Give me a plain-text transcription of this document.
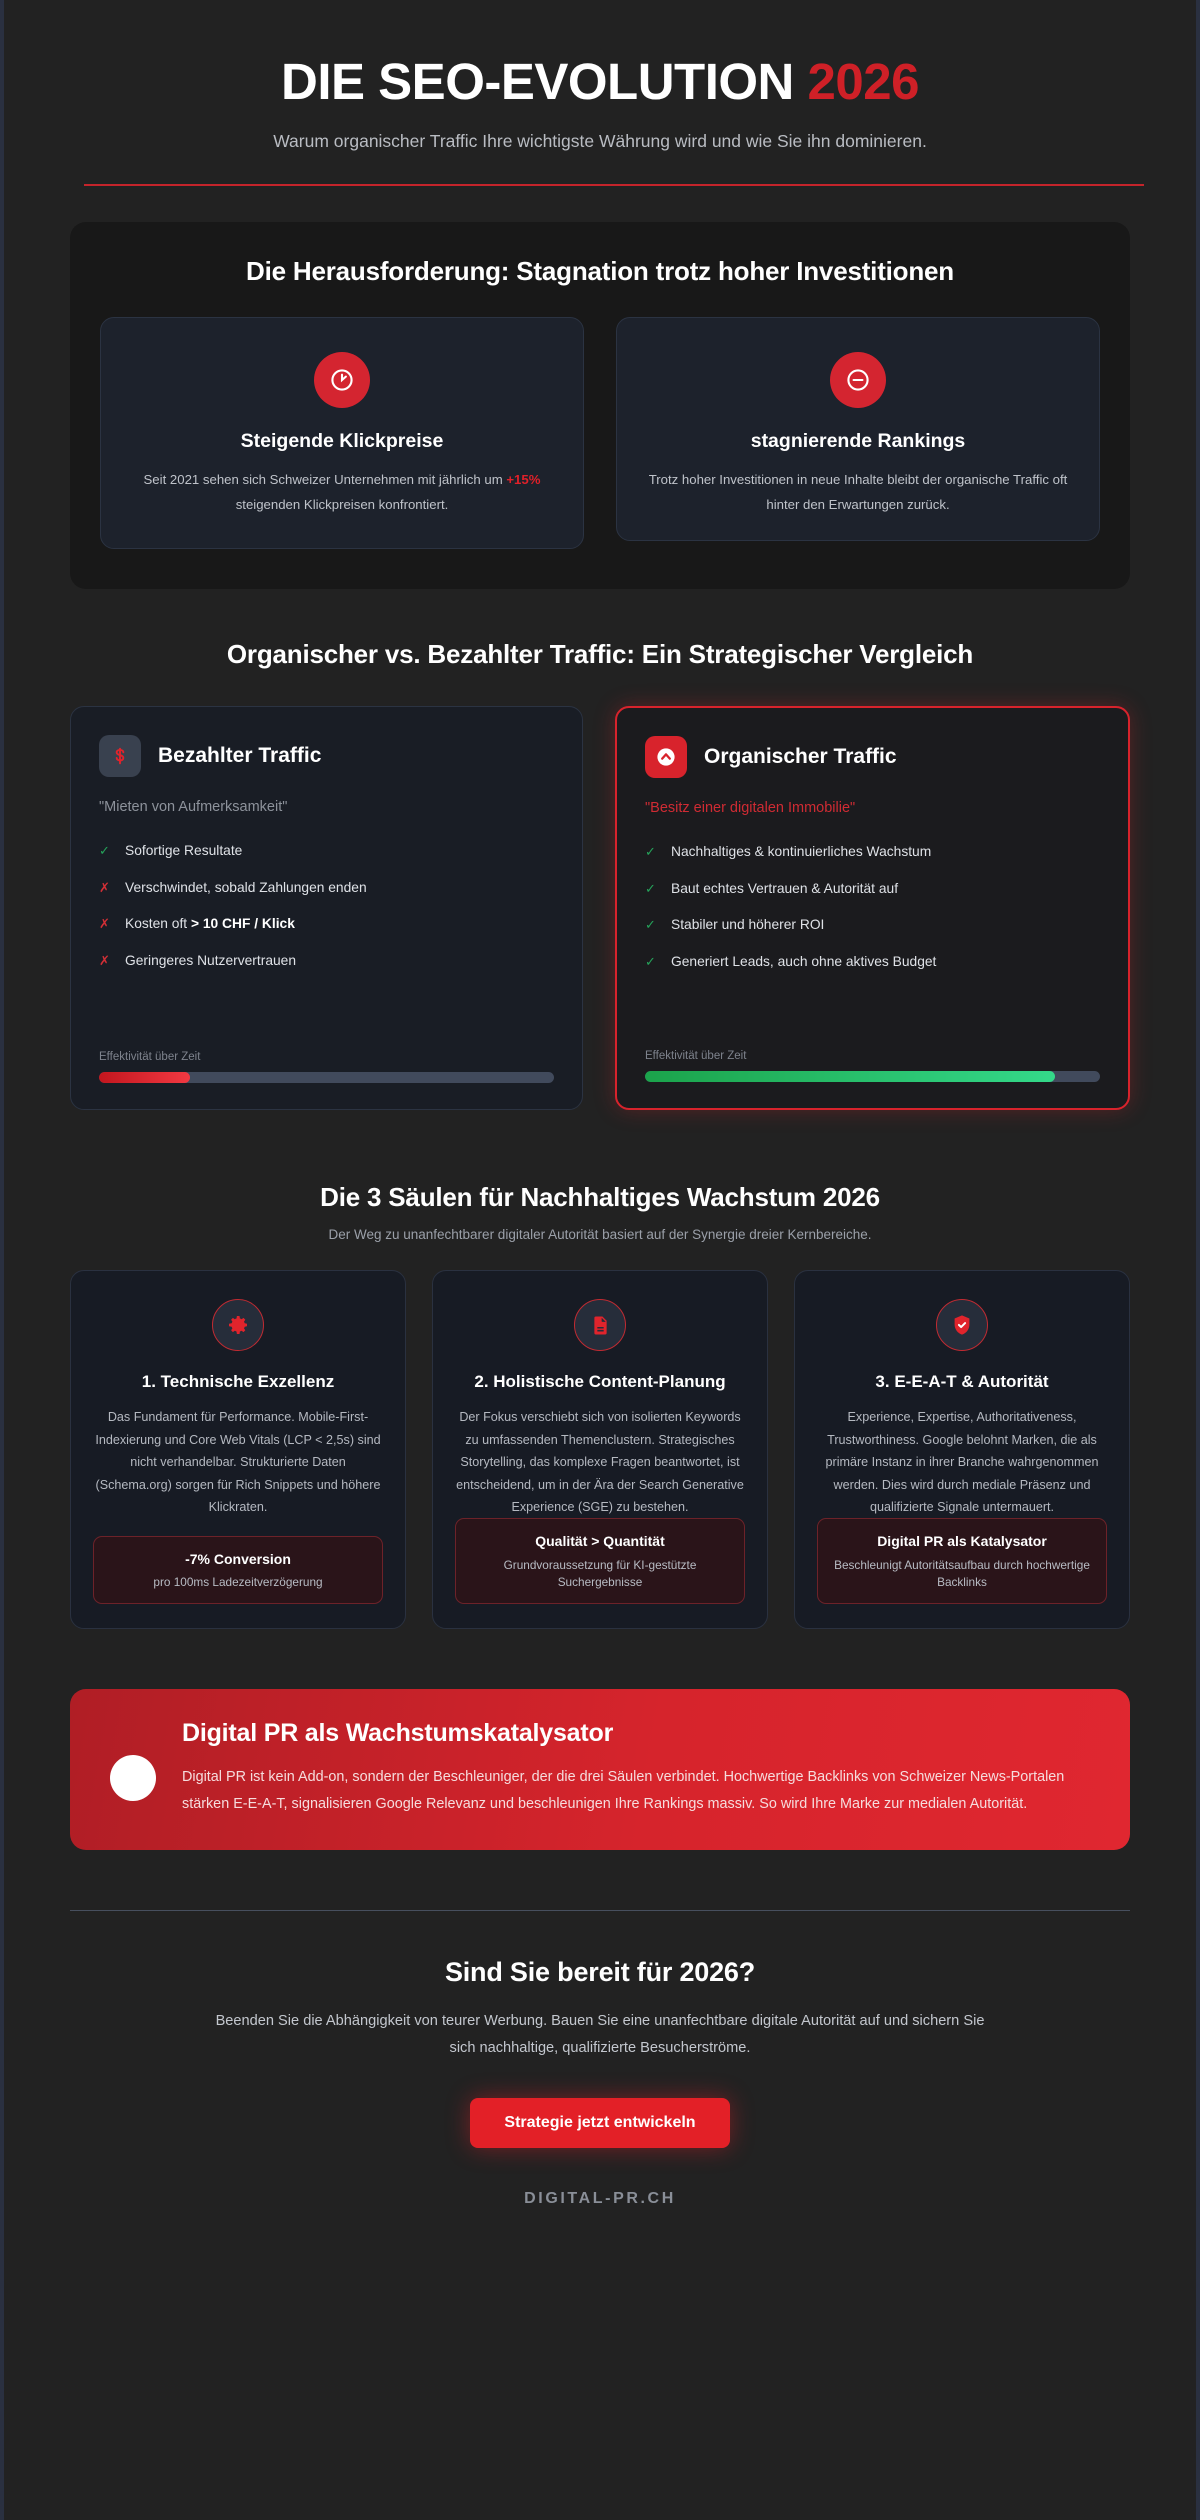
DIE SEO-EVOLUTION 2026

Warum organischer Traffic Ihre wichtigste Währung wird und wie Sie ihn dominieren.

Die Herausforderung: Stagnation trotz hoher Investitionen
Steigende Klickpreise
Seit 2021 sehen sich Schweizer Unternehmen mit jährlich um +15% steigenden Klickpreisen konfrontiert.
stagnierende Rankings
Trotz hoher Investitionen in neue Inhalte bleibt der organische Traffic oft hinter den Erwartungen zurück.
Organischer vs. Bezahlter Traffic: Ein Strategischer Vergleich
Bezahlter Traffic
"Mieten von Aufmerksamkeit"
✓ Sofortige Resultate
✗ Verschwindet, sobald Zahlungen enden
✗ Kosten oft > 10 CHF / Klick
✗ Geringeres Nutzervertrauen
Effektivität über Zeit
Organischer Traffic
"Besitz einer digitalen Immobilie"
✓ Nachhaltiges & kontinuierliches Wachstum
✓ Baut echtes Vertrauen & Autorität auf
✓ Stabiler und höherer ROI
✓ Generiert Leads, auch ohne aktives Budget
Effektivität über Zeit
Die 3 Säulen für Nachhaltiges Wachstum 2026

Der Weg zu unanfechtbarer digitaler Autorität basiert auf der Synergie dreier Kernbereiche.

1. Technische Exzellenz
Das Fundament für Performance. Mobile-First-Indexierung und Core Web Vitals (LCP < 2,5s) sind nicht verhandelbar. Strukturierte Daten (Schema.org) sorgen für Rich Snippets und höhere Klickraten.
-7% Conversion
pro 100ms Ladezeitverzögerung
2. Holistische Content-Planung
Der Fokus verschiebt sich von isolierten Keywords zu umfassenden Themenclustern. Strategisches Storytelling, das komplexe Fragen beantwortet, ist entscheidend, um in der Ära der Search Generative Experience (SGE) zu bestehen.
Qualität > Quantität
Grundvoraussetzung für KI-gestützte Suchergebnisse
3. E-E-A-T & Autorität
Experience, Expertise, Authoritativeness, Trustworthiness. Google belohnt Marken, die als primäre Instanz in ihrer Branche wahrgenommen werden. Dies wird durch mediale Präsenz und qualifizierte Signale untermauert.
Digital PR als Katalysator
Beschleunigt Autoritätsaufbau durch hochwertige Backlinks
Digital PR als Wachstumskatalysator
Digital PR ist kein Add-on, sondern der Beschleuniger, der die drei Säulen verbindet. Hochwertige Backlinks von Schweizer News-Portalen stärken E-E-A-T, signalisieren Google Relevanz und beschleunigen Ihre Rankings massiv. So wird Ihre Marke zur medialen Autorität.
Sind Sie bereit für 2026?

Beenden Sie die Abhängigkeit von teurer Werbung. Bauen Sie eine unanfechtbare digitale Autorität auf und sichern Sie sich nachhaltige, qualifizierte Besucherströme.

Strategie jetzt entwickeln
DIGITAL-PR.CH
